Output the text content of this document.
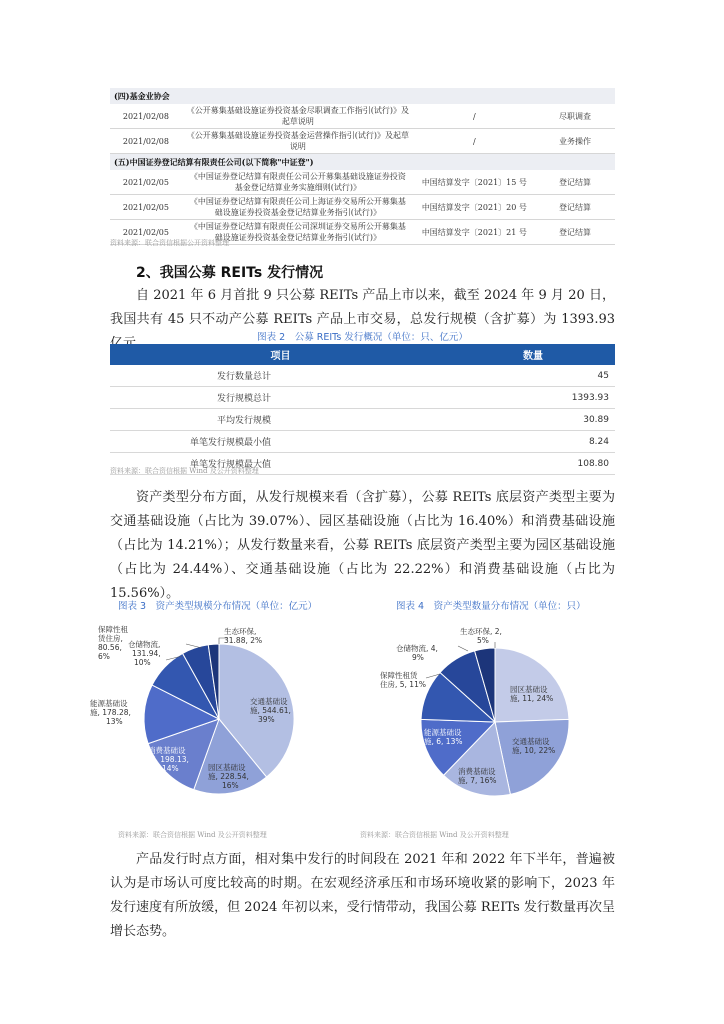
(四)基金业协会			
2021/02/08	《公开募集基础设施证券投资基金尽职调查工作指引(试行)》及起草说明	/	尽职调查
2021/02/08	《公开募集基础设施证券投资基金运营操作指引(试行)》及起草说明	/	业务操作
(五)中国证券登记结算有限责任公司(以下简称"中证登")			
2021/02/05	《中国证券登记结算有限责任公司公开募集基础设施证券投资基金登记结算业务实施细则(试行)》	中国结算发字〔2021〕15 号	登记结算
2021/02/05	《中国证券登记结算有限责任公司上海证券交易所公开募集基础设施证券投资基金登记结算业务指引(试行)》	中国结算发字〔2021〕20 号	登记结算
2021/02/05	《中国证券登记结算有限责任公司深圳证券交易所公开募集基础设施证券投资基金登记结算业务指引(试行)》	中国结算发字〔2021〕21 号	登记结算
资料来源：联合资信根据公开资料整理
2、我国公募 REITs 发行情况
自 2021 年 6 月首批 9 只公募 REITs 产品上市以来，截至 2024 年 9 月 20 日，我国共有 45 只不动产公募 REITs 产品上市交易，总发行规模（含扩募）为 1393.93
图表 2　公募 REITs 发行概况（单位：只、亿元）
项目	数量
发行数量总计	45
发行规模总计	1393.93
平均发行规模	30.89
单笔发行规模最小值	8.24
单笔发行规模最大值	108.80
资料来源：联合资信根据 Wind 及公开资料整理
资产类型分布方面，从发行规模来看（含扩募），公募 REITs 底层资产类型主要为交通基础设施（占比为 39.07%）、园区基础设施（占比为 16.40%）和消费基础设施（占比为 14.21%）；从发行数量来看，公募 REITs 底层资产类型主要为园区基础设施（占比为 24.44%）、交通基础设施（占比为 22.22%）和消费基础设施（占比为 15.56%）。
图表 3　资产类型规模分布情况（单位：亿元）	图表 4　资产类型数量分布情况（单位：只）
生态环保, 31.88, 2%
保障性租赁住房, 80.56, 6%
仓储物流, 131.94, 10%
能源基础设施, 178.28, 13%
消费基础设施, 198.13, 14%	园区基础设施, 228.54, 16%
交通基础设施, 544.61, 39%
生态环保, 2, 5%
仓储物流, 4, 9%
保障性租赁住房, 5, 11%
能源基础设施, 6, 13%
消费基础设施, 7, 16%
交通基础设施, 10, 22%
园区基础设施, 11, 24%
资料来源：联合资信根据 Wind 及公开资料整理	资料来源：联合资信根据 Wind 及公开资料整理
产品发行时点方面，相对集中发行的时间段在 2021 年和 2022 年下半年，普遍被认为是市场认可度比较高的时期。在宏观经济承压和市场环境收紧的影响下，2023 年发行速度有所放缓，但 2024 年初以来，受行情带动，我国公募 REITs 发行数量再次呈增长态势。
